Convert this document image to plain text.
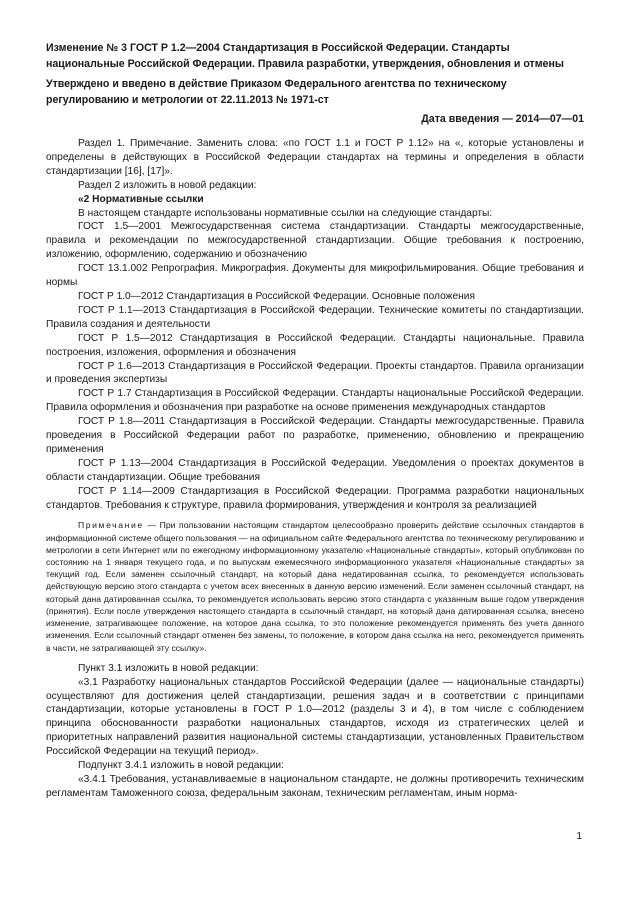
Изменение № 3 ГОСТ Р 1.2—2004 Стандартизация в Российской Федерации. Стандарты национальные Российской Федерации. Правила разработки, утверждения, обновления и отмены

Утверждено и введено в действие Приказом Федерального агентства по техническому регулированию и метрологии от 22.11.2013 № 1971-ст

Дата введения — 2014—07—01

Раздел 1. Примечание. Заменить слова: «по ГОСТ 1.1 и ГОСТ Р 1.12» на «, которые установлены и определены в действующих в Российской Федерации стандартах на термины и определения в области стандартизации [16], [17]».

Раздел 2 изложить в новой редакции:

«2 Нормативные ссылки

В настоящем стандарте использованы нормативные ссылки на следующие стандарты:

ГОСТ 1.5—2001 Межгосударственная система стандартизации. Стандарты межгосударственные, правила и рекомендации по межгосударственной стандартизации. Общие требования к построению, изложению, оформлению, содержанию и обозначению

ГОСТ 13.1.002 Репрография. Микрография. Документы для микрофильмирования. Общие требования и нормы

ГОСТ Р 1.0—2012 Стандартизация в Российской Федерации. Основные положения

ГОСТ Р 1.1—2013 Стандартизация в Российской Федерации. Технические комитеты по стандартизации. Правила создания и деятельности

ГОСТ Р 1.5—2012 Стандартизация в Российской Федерации. Стандарты национальные. Правила построения, изложения, оформления и обозначения

ГОСТ Р 1.6—2013 Стандартизация в Российской Федерации. Проекты стандартов. Правила организации и проведения экспертизы

ГОСТ Р 1.7 Стандартизация в Российской Федерации. Стандарты национальные Российской Федерации. Правила оформления и обозначения при разработке на основе применения международных стандартов

ГОСТ Р 1.8—2011 Стандартизация в Российской Федерации. Стандарты межгосударственные. Правила проведения в Российской Федерации работ по разработке, применению, обновлению и прекращению применения

ГОСТ Р 1.13—2004 Стандартизация в Российской Федерации. Уведомления о проектах документов в области стандартизации. Общие требования

ГОСТ Р 1.14—2009 Стандартизация в Российской Федерации. Программа разработки национальных стандартов. Требования к структуре, правила формирования, утверждения и контроля за реализацией

Примечание — При пользовании настоящим стандартом целесообразно проверить действие ссылочных стандартов в информационной системе общего пользования — на официальном сайте Федерального агентства по техническому регулированию и метрологии в сети Интернет или по ежегодному информационному указателю «Национальные стандарты», который опубликован по состоянию на 1 января текущего года, и по выпускам ежемесячного информационного указателя «Национальные стандарты» за текущий год. Если заменен ссылочный стандарт, на который дана недатированная ссылка, то рекомендуется использовать действующую версию этого стандарта с учетом всех внесенных в данную версию изменений. Если заменен ссылочный стандарт, на который дана датированная ссылка, то рекомендуется использовать версию этого стандарта с указанным выше годом утверждения (принятия). Если после утверждения настоящего стандарта в ссылочный стандарт, на который дана датированная ссылка, внесено изменение, затрагивающее положение, на которое дана ссылка, то это положение рекомендуется применять без учета данного изменения. Если ссылочный стандарт отменен без замены, то положение, в котором дана ссылка на него, рекомендуется применять в части, не затрагивающей эту ссылку».

Пункт 3.1 изложить в новой редакции:

«3.1 Разработку национальных стандартов Российской Федерации (далее — национальные стандарты) осуществляют для достижения целей стандартизации, решения задач и в соответствии с принципами стандартизации, которые установлены в ГОСТ Р 1.0—2012 (разделы 3 и 4), в том числе с соблюдением принципа обоснованности разработки национальных стандартов, исходя из стратегических целей и приоритетных направлений развития национальной системы стандартизации, установленных Правительством Российской Федерации на текущий период».

Подпункт 3.4.1 изложить в новой редакции:

«3.4.1 Требования, устанавливаемые в национальном стандарте, не должны противоречить техническим регламентам Таможенного союза, федеральным законам, техническим регламентам, иным норма-

1
